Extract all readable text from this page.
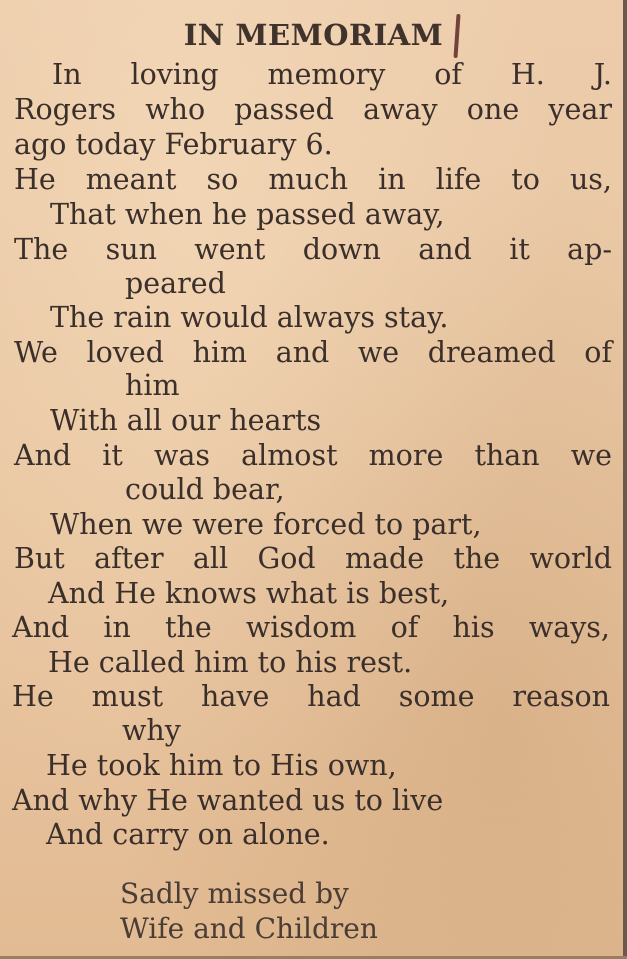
IN MEMORIAM
In loving memory of H. J.
Rogers who passed away one year
ago today February 6.
He meant so much in life to us,
That when he passed away,
The sun went down and it ap-
peared
The rain would always stay.
We loved him and we dreamed of
him
With all our hearts
And it was almost more than we
could bear,
When we were forced to part,
But after all God made the world
And He knows what is best,
And in the wisdom of his ways,
He called him to his rest.
He must have had some reason
why
He took him to His own,
And why He wanted us to live
And carry on alone.
Sadly missed by
Wife and Children
